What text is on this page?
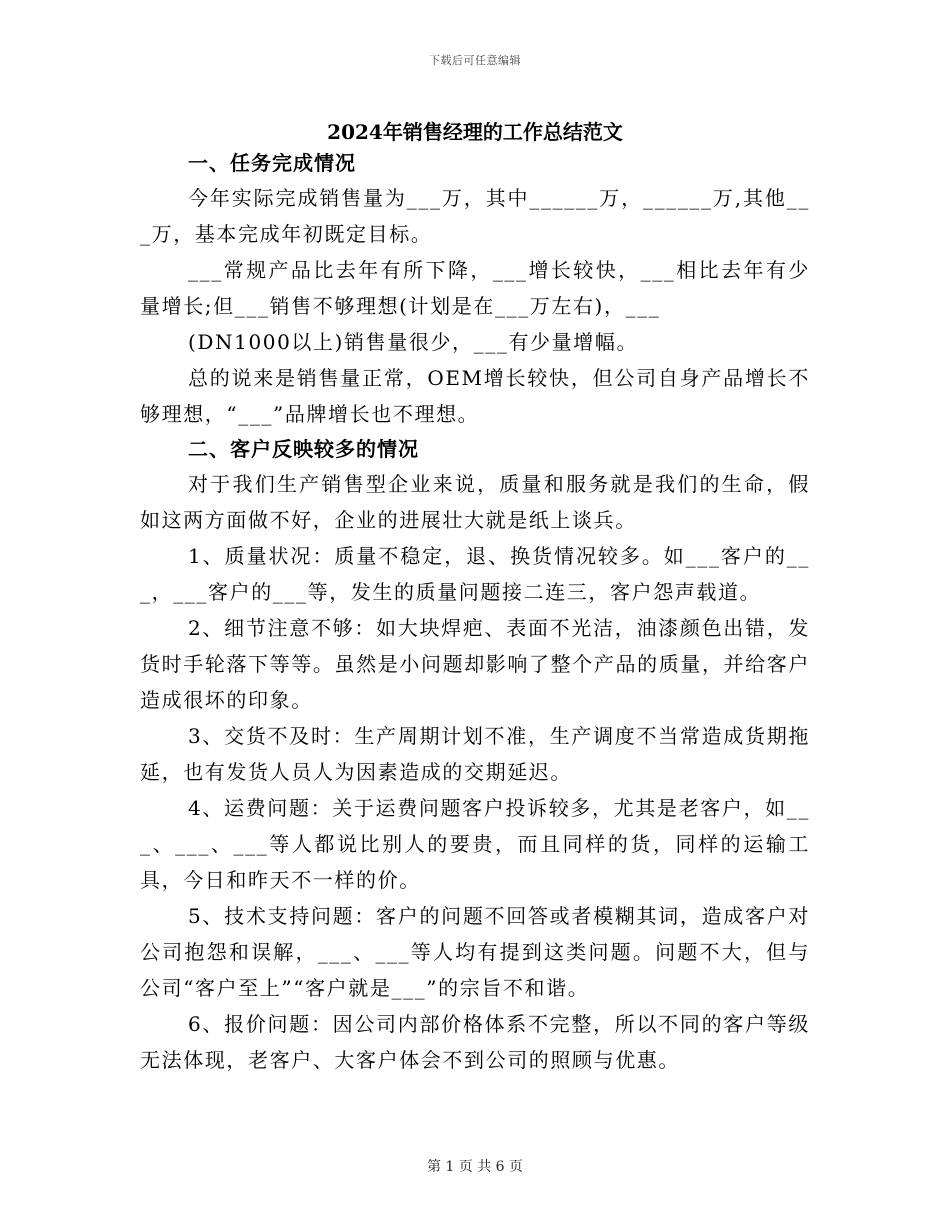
下载后可任意编辑
2024年销售经理的工作总结范文

一、任务完成情况

今年实际完成销售量为___万，其中______万，______万,其他___万，基本完成年初既定目标。

___常规产品比去年有所下降，___增长较快，___相比去年有少量增长;但___销售不够理想(计划是在___万左右)，___

(DN1000以上)销售量很少，___有少量增幅。

总的说来是销售量正常，OEM增长较快，但公司自身产品增长不够理想，“___”品牌增长也不理想。

二、客户反映较多的情况

对于我们生产销售型企业来说，质量和服务就是我们的生命，假如这两方面做不好，企业的进展壮大就是纸上谈兵。

1、质量状况：质量不稳定，退、换货情况较多。如___客户的___，___客户的___等，发生的质量问题接二连三，客户怨声载道。

2、细节注意不够：如大块焊疤、表面不光洁，油漆颜色出错，发货时手轮落下等等。虽然是小问题却影响了整个产品的质量，并给客户造成很坏的印象。

3、交货不及时：生产周期计划不准，生产调度不当常造成货期拖延，也有发货人员人为因素造成的交期延迟。

4、运费问题：关于运费问题客户投诉较多，尤其是老客户，如___、___、___等人都说比别人的要贵，而且同样的货，同样的运输工具，今日和昨天不一样的价。

5、技术支持问题：客户的问题不回答或者模糊其词，造成客户对公司抱怨和误解，___、___等人均有提到这类问题。问题不大，但与公司“客户至上”“客户就是___”的宗旨不和谐。

6、报价问题：因公司内部价格体系不完整，所以不同的客户等级无法体现，老客户、大客户体会不到公司的照顾与优惠。

第 1 页 共 6 页
